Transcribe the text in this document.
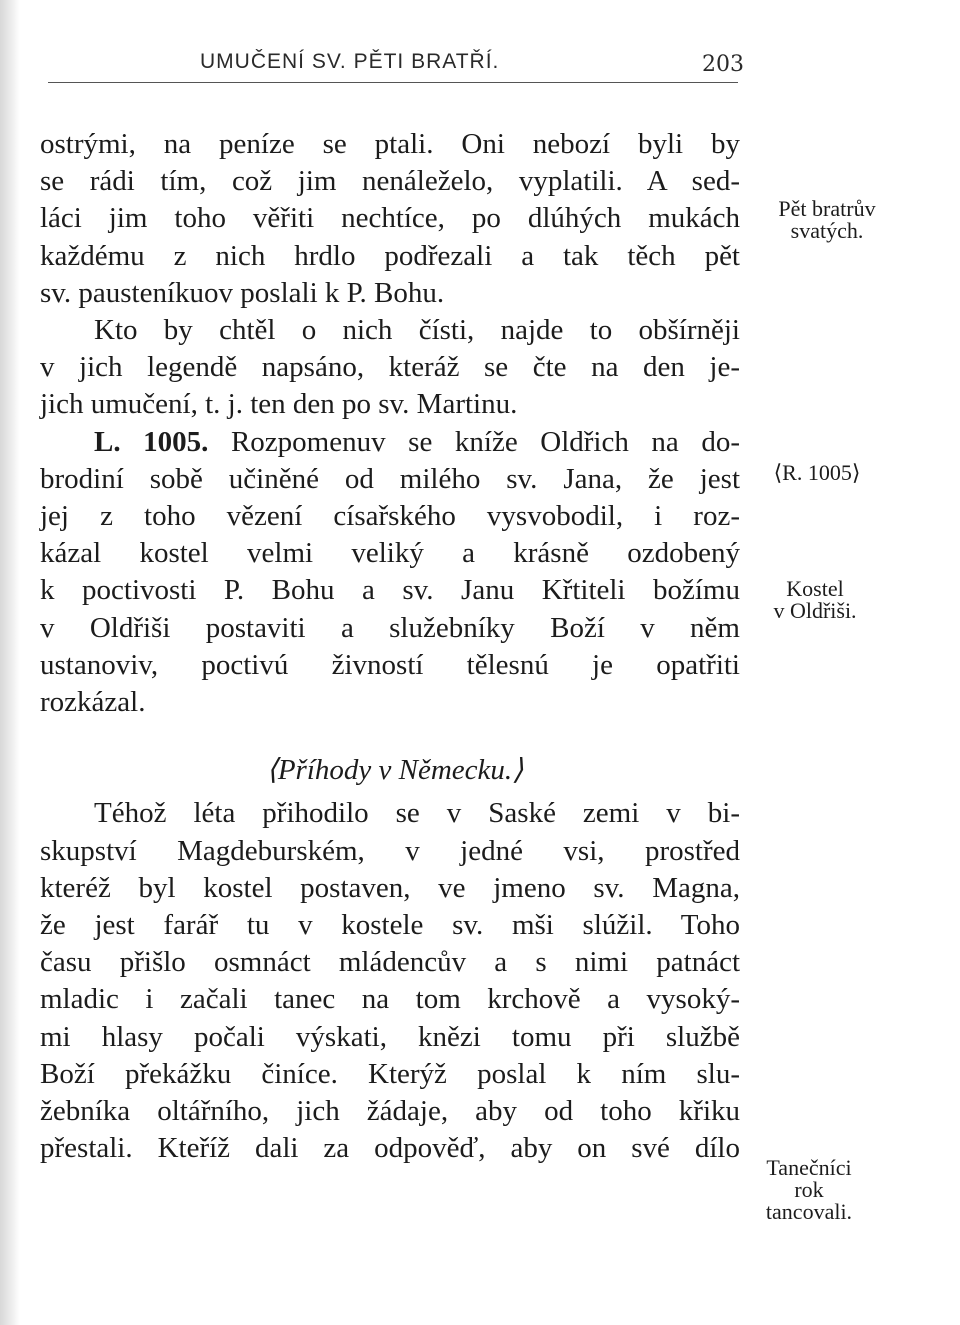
UMUČENÍ SV. PĚTI BRATŘÍ.	203
ostrými, na peníze se ptali. Oni nebozí byli by
se rádi tím, což jim nenáleželo, vyplatili. A sed-
láci jim toho věřiti nechtíce, po dlúhých mukách
každému z nich hrdlo podřezali a tak těch pět
sv. pausteníkuov poslali k P. Bohu.
Kto by chtěl o nich čísti, najde to obšírněji
v jich legendě napsáno, kteráž se čte na den je-
jich umučení, t. j. ten den po sv. Martinu.
L. 1005. Rozpomenuv se kníže Oldřich na do-
brodiní sobě učiněné od milého sv. Jana, že jest
jej z toho vězení císařského vysvobodil, i roz-
kázal kostel velmi veliký a krásně ozdobený
k poctivosti P. Bohu a sv. Janu Křtiteli božímu
v Oldřiši postaviti a služebníky Boží v něm
ustanoviv, poctivú živností tělesnú je opatřiti
rozkázal.
⟨Příhody v Německu.⟩
Téhož léta přihodilo se v Saské zemi v bi-
skupství Magdeburském, v jedné vsi, prostřed
kteréž byl kostel postaven, ve jmeno sv. Magna,
že jest farář tu v kostele sv. mši slúžil. Toho
času přišlo osmnáct mládencův a s nimi patnáct
mladic i začali tanec na tom krchově a vysoký-
mi hlasy počali výskati, knězi tomu při službě
Boží překážku činíce. Kterýž poslal k ním slu-
žebníka oltářního, jich žádaje, aby od toho křiku
přestali. Kteříž dali za odpověď, aby on své dílo
Pět bratrův
svatých.
⟨R. 1005⟩
Kostel
v Oldřiši.
Tanečníci
rok
tancovali.
